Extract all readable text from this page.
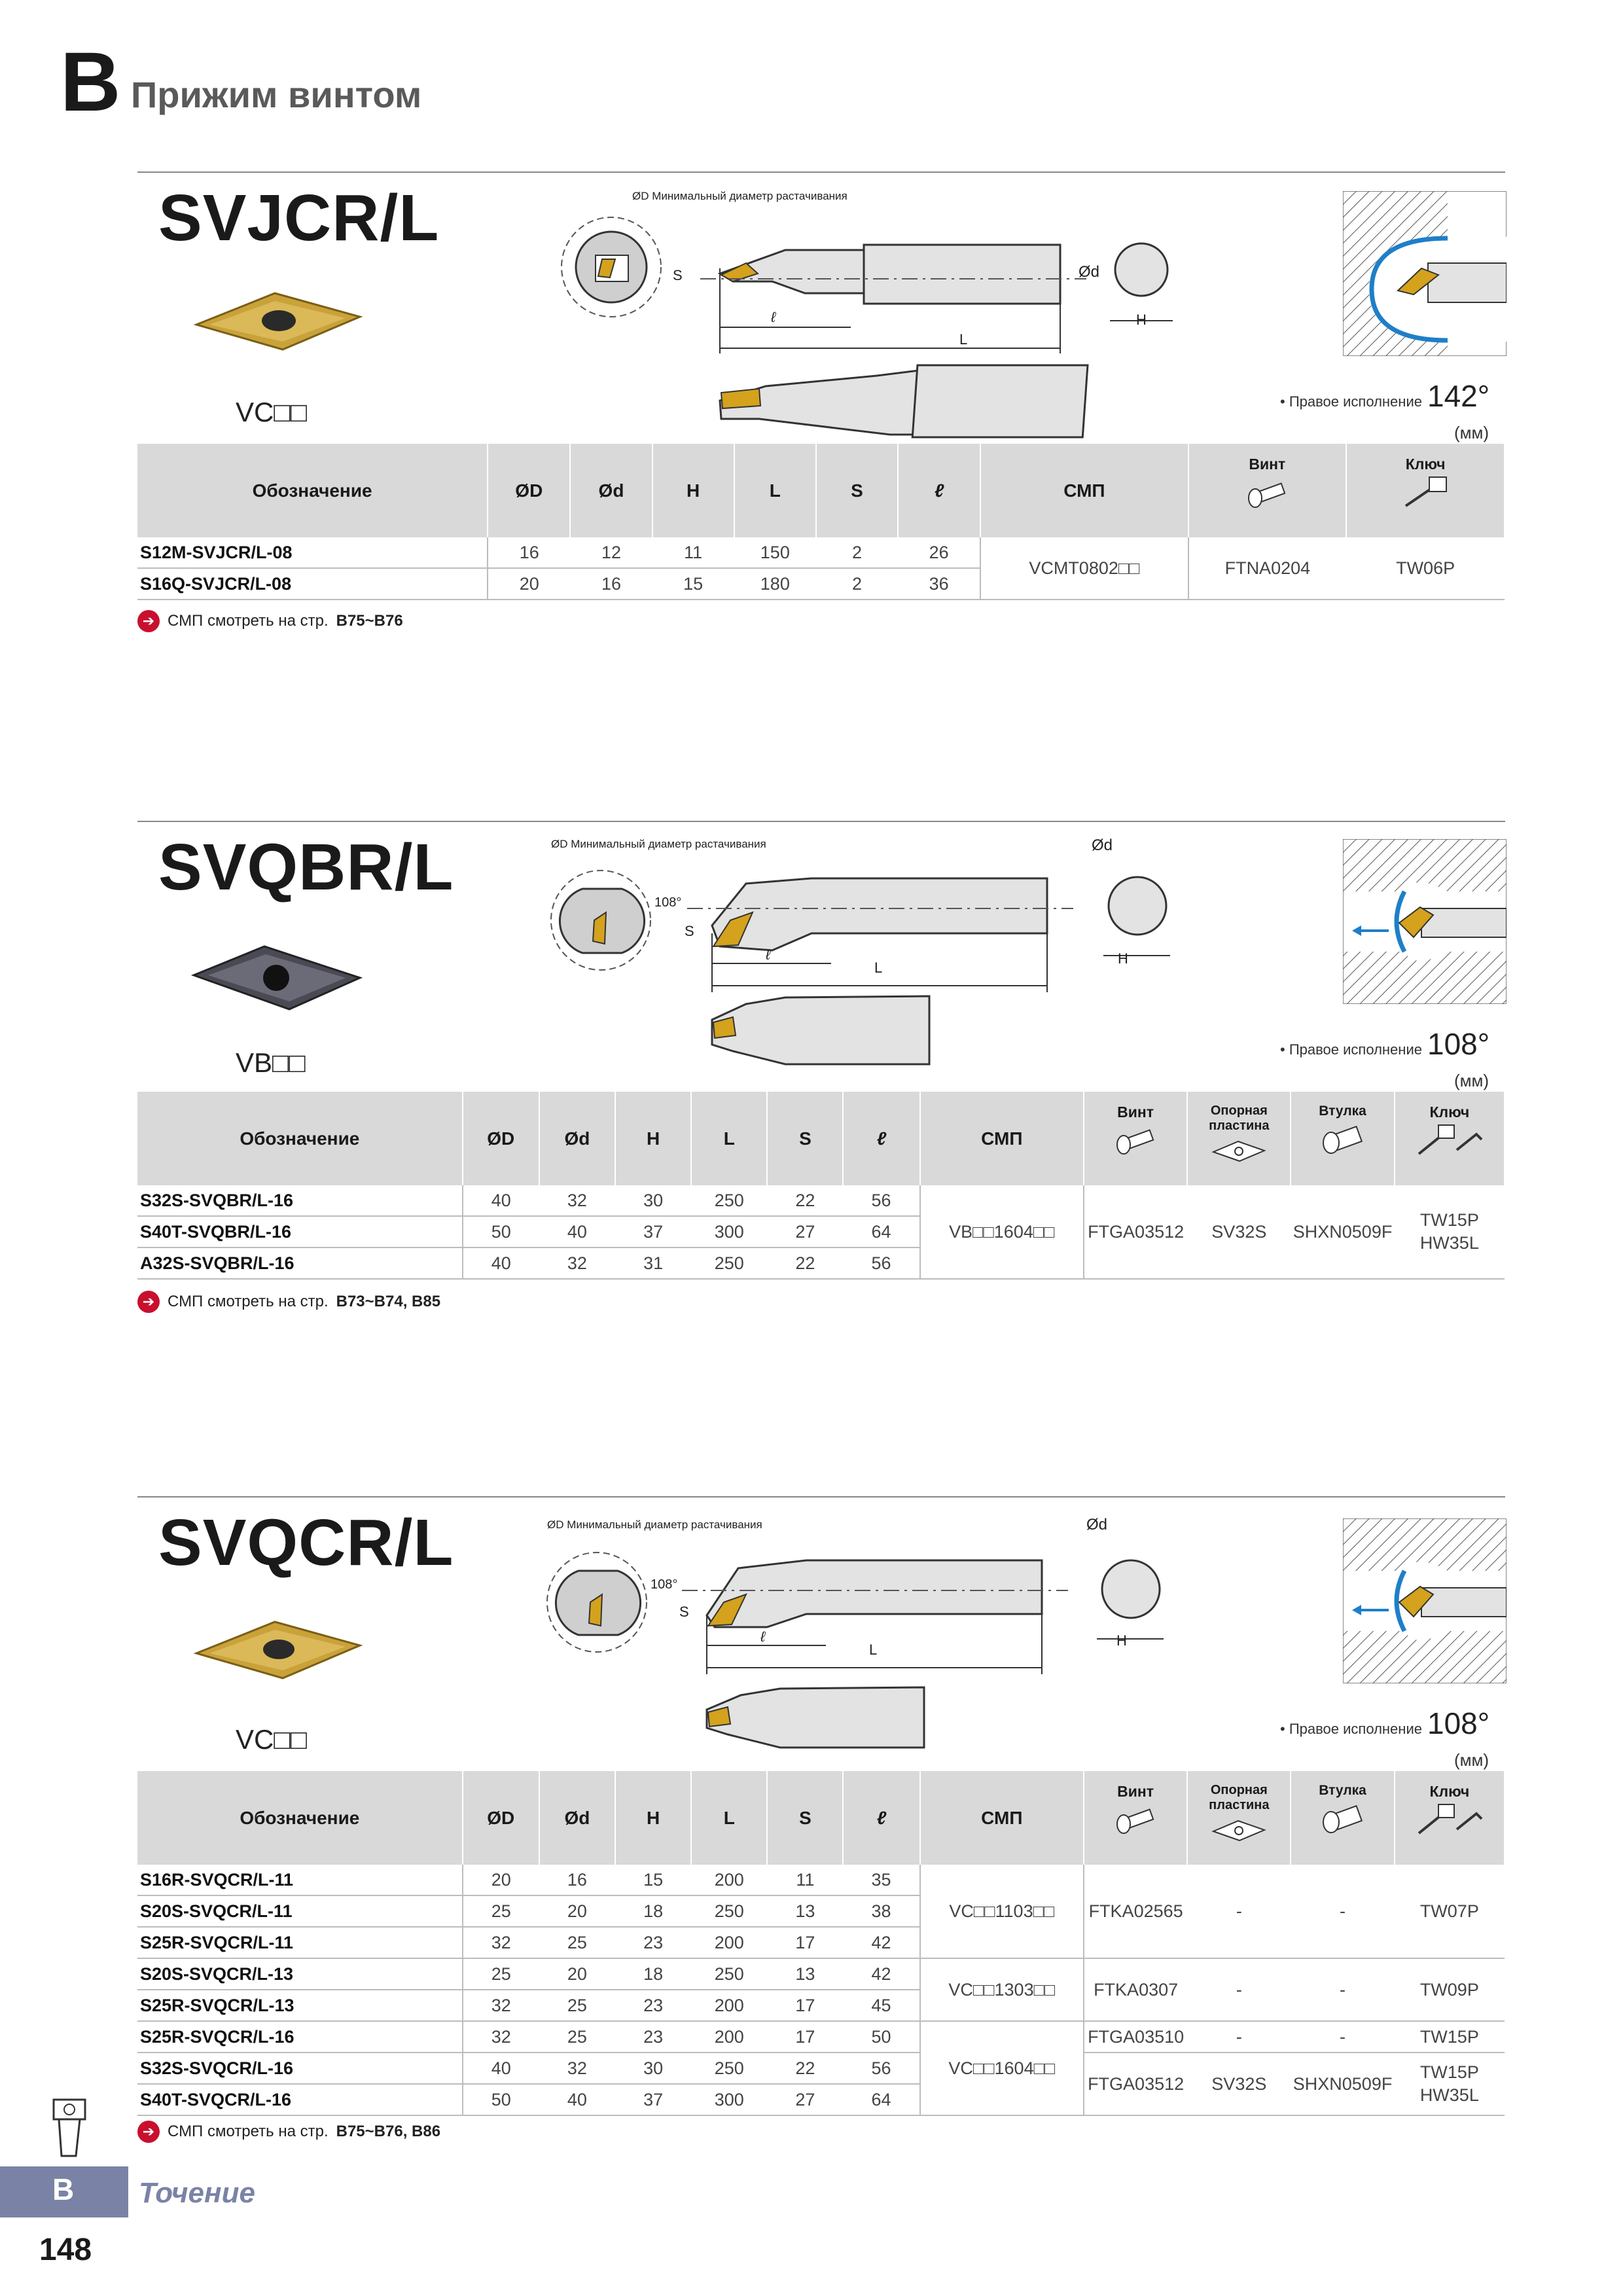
B Прижим винтом
SVJCR/L
VC□□
ØD Минимальный диаметр растачивания
S
ℓ
L
Ød
H
• Правое исполнение 142°
(мм)
Обозначение	ØD	Ød	H	L	S	ℓ	СМП	Винт	Ключ

S12M-SVJCR/L-08	16	12	11	150	2	26	VCMT0802□□	FTNA0204	TW06P
S16Q-SVJCR/L-08	20	16	15	180	2	36			
➔ СМП смотреть на стр. B75~B76
SVQBR/L
VB□□
ØD Минимальный диаметр растачивания	Ød
108°
S
ℓ
L
H
• Правое исполнение 108°
(мм)
Обозначение	ØD	Ød	H	L	S	ℓ	СМП	Винт	Опорная пластина	Втулка	Ключ

S32S-SVQBR/L-16	40	32	30	250	22	56	VB□□1604□□	FTGA03512	SV32S	SHXN0509F	TW15P
HW35L
S40T-SVQBR/L-16	50	40	37	300	27	64					
A32S-SVQBR/L-16	40	32	31	250	22	56					
➔ СМП смотреть на стр. B73~B74, B85
SVQCR/L
VC□□
ØD Минимальный диаметр растачивания	Ød
108°
S
ℓ
L
H
• Правое исполнение 108°
(мм)
Обозначение	ØD	Ød	H	L	S	ℓ	СМП	Винт	Опорная пластина	Втулка	Ключ

S16R-SVQCR/L-11	20	16	15	200	11	35	VC□□1103□□	FTKA02565	-	-	TW07P
S20S-SVQCR/L-11	25	20	18	250	13	38					
S25R-SVQCR/L-11	32	25	23	200	17	42					
S20S-SVQCR/L-13	25	20	18	250	13	42	VC□□1303□□	FTKA0307	-	-	TW09P
S25R-SVQCR/L-13	32	25	23	200	17	45					
S25R-SVQCR/L-16	32	25	23	200	17	50	VC□□1604□□	FTGA03510	-	-	TW15P
S32S-SVQCR/L-16	40	32	30	250	22	56		FTGA03512	SV32S	SHXN0509F	TW15P
HW35L
S40T-SVQCR/L-16	50	40	37	300	27	64					
➔ СМП смотреть на стр. B75~B76, B86
B Точение
148
